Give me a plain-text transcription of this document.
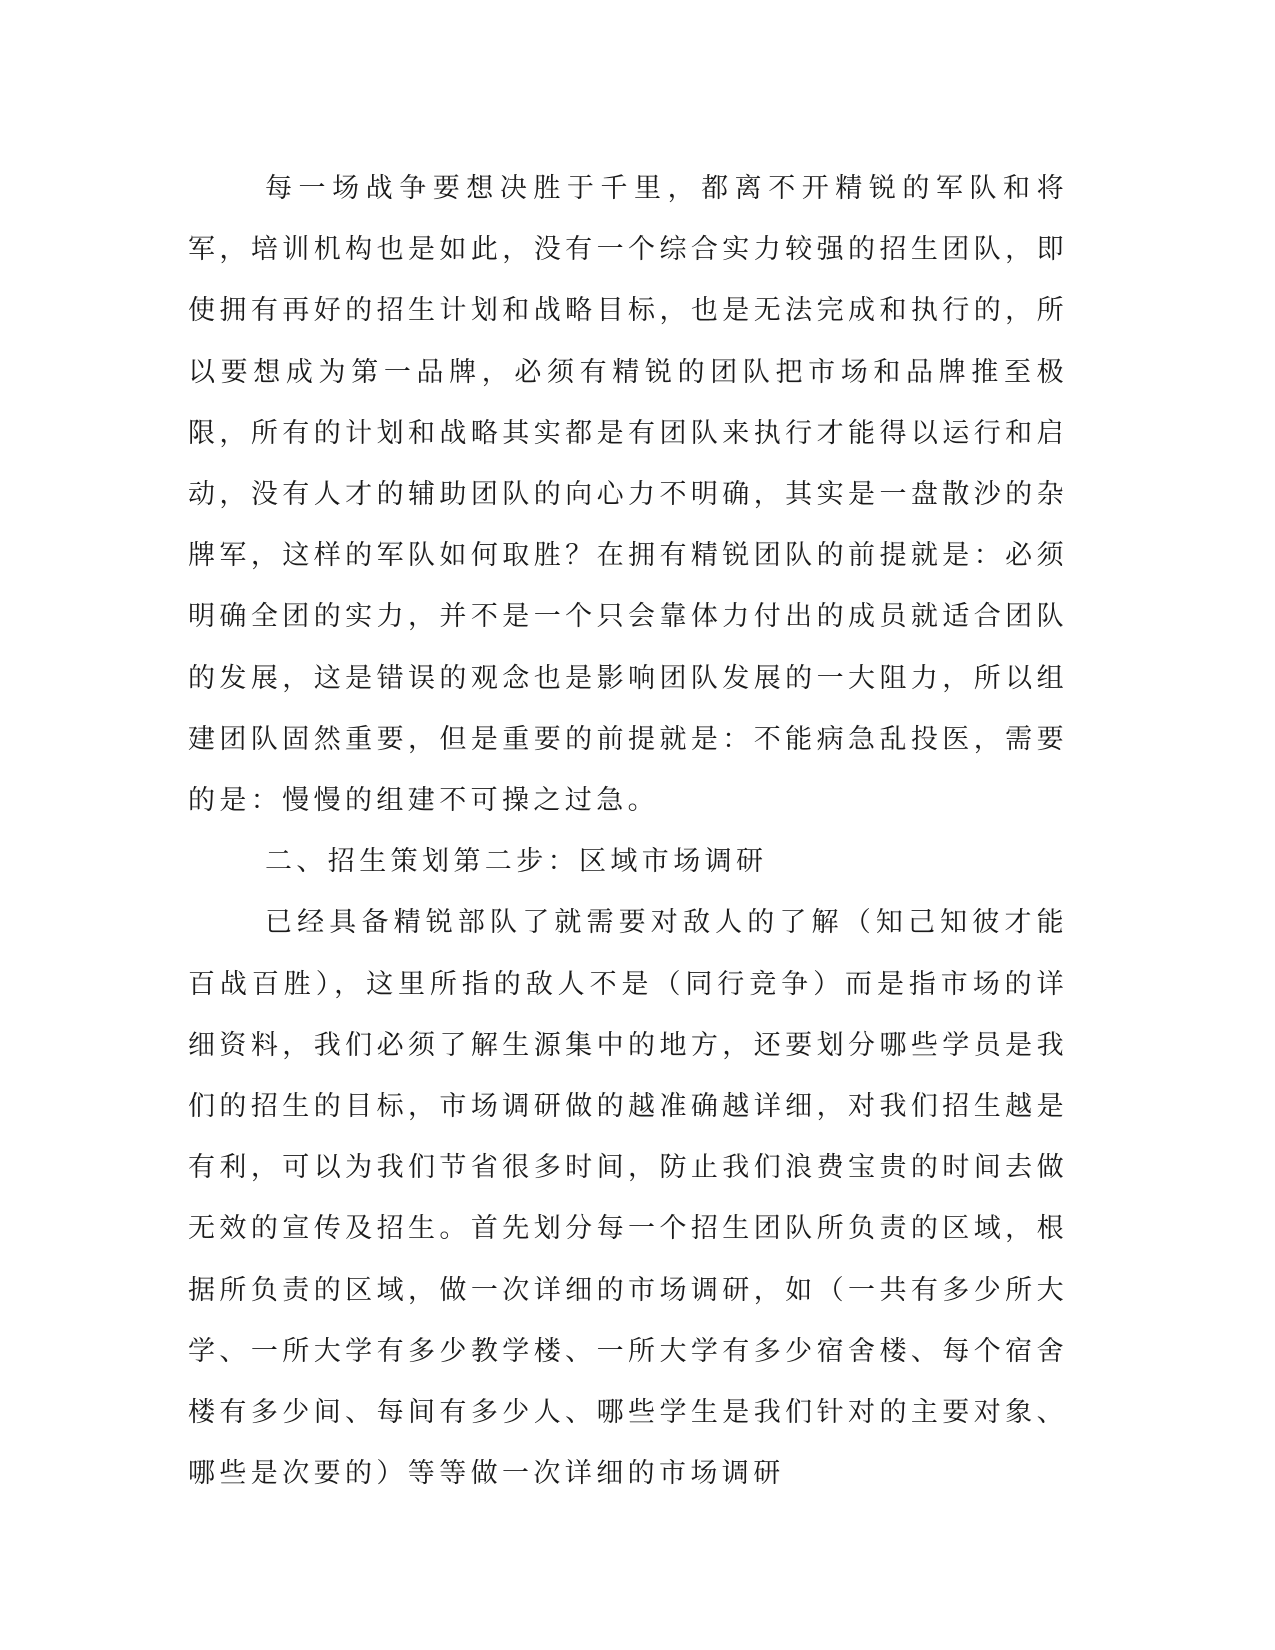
每一场战争要想决胜于千里，都离不开精锐的军队和将军，培训机构也是如此，没有一个综合实力较强的招生团队，即使拥有再好的招生计划和战略目标，也是无法完成和执行的，所以要想成为第一品牌，必须有精锐的团队把市场和品牌推至极限，所有的计划和战略其实都是有团队来执行才能得以运行和启动，没有人才的辅助团队的向心力不明确，其实是一盘散沙的杂牌军，这样的军队如何取胜？在拥有精锐团队的前提就是：必须明确全团的实力，并不是一个只会靠体力付出的成员就适合团队的发展，这是错误的观念也是影响团队发展的一大阻力，所以组建团队固然重要，但是重要的前提就是：不能病急乱投医，需要的是：慢慢的组建不可操之过急。

二、招生策划第二步：区域市场调研

已经具备精锐部队了就需要对敌人的了解（知己知彼才能百战百胜），这里所指的敌人不是（同行竞争）而是指市场的详细资料，我们必须了解生源集中的地方，还要划分哪些学员是我们的招生的目标，市场调研做的越准确越详细，对我们招生越是有利，可以为我们节省很多时间，防止我们浪费宝贵的时间去做无效的宣传及招生。首先划分每一个招生团队所负责的区域，根据所负责的区域，做一次详细的市场调研，如（一共有多少所大学、一所大学有多少教学楼、一所大学有多少宿舍楼、每个宿舍楼有多少间、每间有多少人、哪些学生是我们针对的主要对象、哪些是次要的）等等做一次详细的市场调研
